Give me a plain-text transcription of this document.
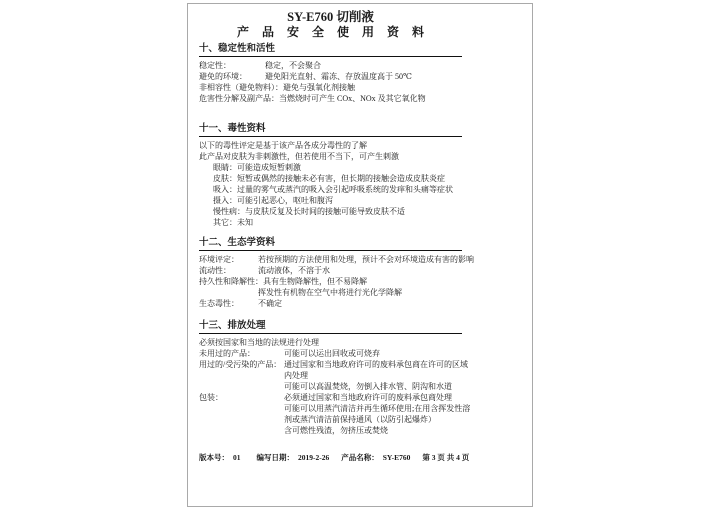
SY-E760 切削液
产品安全使用资料
十、稳定性和活性
稳定性：	稳定，不会聚合
避免的环境：	避免阳光直射、霜冻、存放温度高于 50℃
非相容性（避免物料）： 避免与强氧化剂接触
危害性分解及副产品： 当燃烧时可产生 COx、NOx 及其它氧化物
十一、毒性资料
以下的毒性评定是基于该产品各成分毒性的了解
此产品对皮肤为非刺激性，但若使用不当下，可产生刺激
眼睛：可能造成短暂刺激
皮肤：短暂或偶然的接触未必有害，但长期的接触会造成皮肤炎症
吸入：过量的雾气或蒸汽的吸入会引起呼吸系统的发痒和头痛等症状
摄入：可能引起恶心，呕吐和腹泻
慢性病：与皮肤反复及长时间的接触可能导致皮肤不适
其它：未知
十二、生态学资料
环境评定：	若按预期的方法使用和处理，预计不会对环境造成有害的影响
流动性：	流动液体，不溶于水
持久性和降解性： 具有生物降解性，但不易降解
挥发性有机物在空气中将进行光化学降解
生态毒性：	不确定
十三、排放处理
必须按国家和当地的法规进行处理
未用过的产品：	可能可以运出回收或可烧弃
用过的/受污染的产品： 通过国家和当地政府许可的废料承包商在许可的区域
内处理
可能可以高温焚烧，勿倒入排水管、阴沟和水道
包装：	必须通过国家和当地政府许可的废料承包商处理
可能可以用蒸汽清洁并再生循环使用;在用含挥发性溶
剂或蒸汽清洁前保持通风（以防引起爆炸）
含可燃性残渣，勿挤压或焚烧
版本号： 01 编写日期： 2019-2-26 产品名称： SY-E760 第 3 页 共 4 页
